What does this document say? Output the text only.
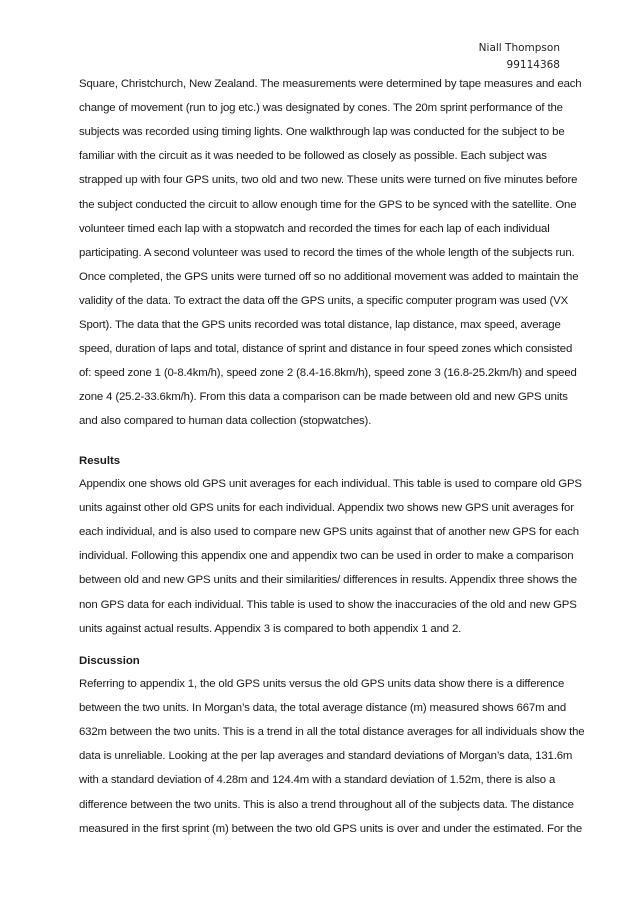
Niall Thompson
99114368
Square, Christchurch, New Zealand. The measurements were determined by tape measures and each
change of movement (run to jog etc.) was designated by cones. The 20m sprint performance of the
subjects was recorded using timing lights. One walkthrough lap was conducted for the subject to be
familiar with the circuit as it was needed to be followed as closely as possible. Each subject was
strapped up with four GPS units, two old and two new. These units were turned on five minutes before
the subject conducted the circuit to allow enough time for the GPS to be synced with the satellite. One
volunteer timed each lap with a stopwatch and recorded the times for each lap of each individual
participating. A second volunteer was used to record the times of the whole length of the subjects run.
Once completed, the GPS units were turned off so no additional movement was added to maintain the
validity of the data. To extract the data off the GPS units, a specific computer program was used (VX
Sport). The data that the GPS units recorded was total distance, lap distance, max speed, average
speed, duration of laps and total, distance of sprint and distance in four speed zones which consisted
of: speed zone 1 (0-8.4km/h), speed zone 2 (8.4-16.8km/h), speed zone 3 (16.8-25.2km/h) and speed
zone 4 (25.2-33.6km/h). From this data a comparison can be made between old and new GPS units
and also compared to human data collection (stopwatches).
Results
Appendix one shows old GPS unit averages for each individual. This table is used to compare old GPS
units against other old GPS units for each individual. Appendix two shows new GPS unit averages for
each individual, and is also used to compare new GPS units against that of another new GPS for each
individual. Following this appendix one and appendix two can be used in order to make a comparison
between old and new GPS units and their similarities/ differences in results. Appendix three shows the
non GPS data for each individual. This table is used to show the inaccuracies of the old and new GPS
units against actual results. Appendix 3 is compared to both appendix 1 and 2.
Discussion
Referring to appendix 1, the old GPS units versus the old GPS units data show there is a difference
between the two units. In Morgan’s data, the total average distance (m) measured shows 667m and
632m between the two units. This is a trend in all the total distance averages for all individuals show the
data is unreliable. Looking at the per lap averages and standard deviations of Morgan’s data, 131.6m
with a standard deviation of 4.28m and 124.4m with a standard deviation of 1.52m, there is also a
difference between the two units. This is also a trend throughout all of the subjects data. The distance
measured in the first sprint (m) between the two old GPS units is over and under the estimated. For the
